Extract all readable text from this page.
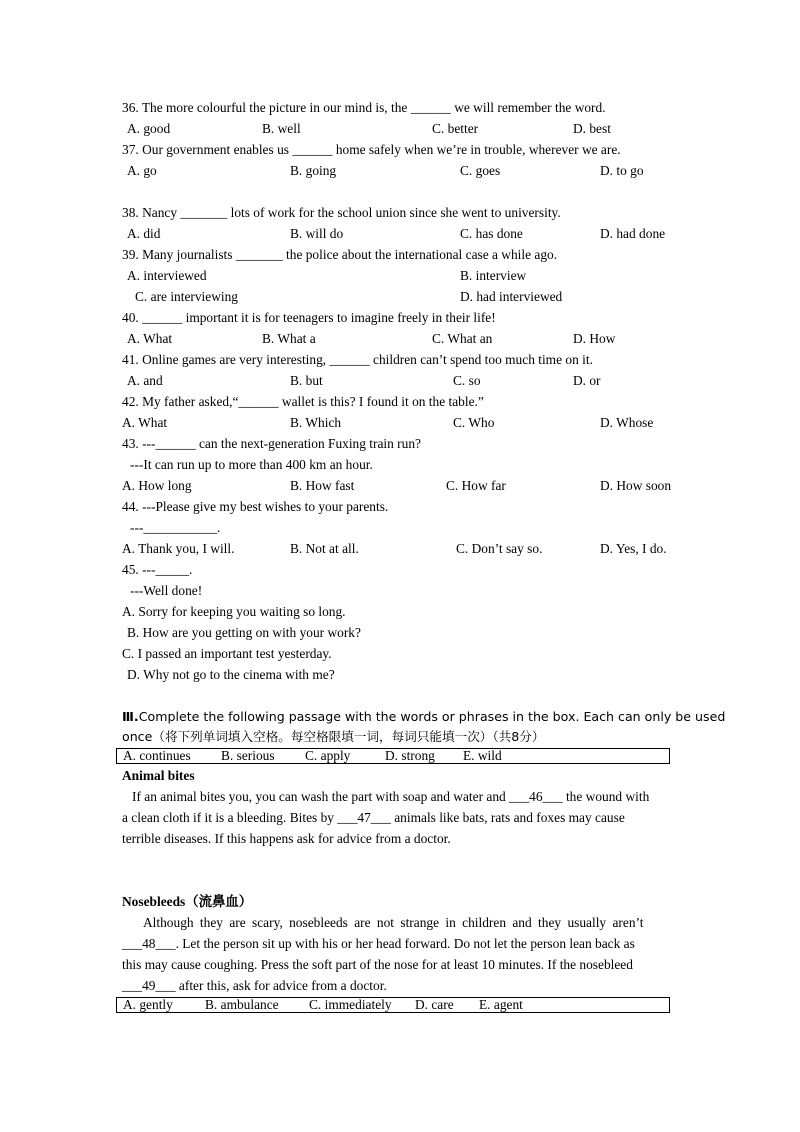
36. The more colourful the picture in our mind is, the ______ we will remember the word.
A. good	B. well	C. better	D. best
37. Our government enables us ______ home safely when we’re in trouble, wherever we are.
A. go	B. going	C. goes	D. to go
38. Nancy _______ lots of work for the school union since she went to university.
A. did	B. will do	C. has done	D. had done
39. Many journalists _______ the police about the international case a while ago.
A. interviewed	B. interview
C. are interviewing	D. had interviewed
40. ______ important it is for teenagers to imagine freely in their life!
A. What	B. What a	C. What an	D. How
41. Online games are very interesting, ______ children can’t spend too much time on it.
A. and	B. but	C. so	D. or
42. My father asked,“______ wallet is this? I found it on the table.”
A. What	B. Which	C. Who	D. Whose
43. ---______ can the next-generation Fuxing train run?
---It can run up to more than 400 km an hour.
A. How long	B. How fast	C. How far	D. How soon
44. ---Please give my best wishes to your parents.
---___________.
A. Thank you, I will.	B. Not at all.	C. Don’t say so.	D. Yes, I do.
45. ---_____.
---Well done!
A. Sorry for keeping you waiting so long.
B. How are you getting on with your work?
C. I passed an important test yesterday.
D. Why not go to the cinema with me?
Ⅲ.Complete the following passage with the words or phrases in the box. Each can only be used
once（将下列单词填入空格。每空格限填一词，每词只能填一次）（共8分）
A. continues B. serious C. apply	D. strong E. wild
Animal bites
If an animal bites you, you can wash the part with soap and water and ___46___ the wound with
a clean cloth if it is a bleeding. Bites by ___47___ animals like bats, rats and foxes may cause
terrible diseases. If this happens ask for advice from a doctor.
Nosebleeds（流鼻血）
Although they are scary, nosebleeds are not strange in children and they usually aren’t
___48___. Let the person sit up with his or her head forward. Do not let the person lean back as
this may cause coughing. Press the soft part of the nose for at least 10 minutes. If the nosebleed
___49___ after this, ask for advice from a doctor.
A. gently B. ambulance C. immediately D. care E. agent
